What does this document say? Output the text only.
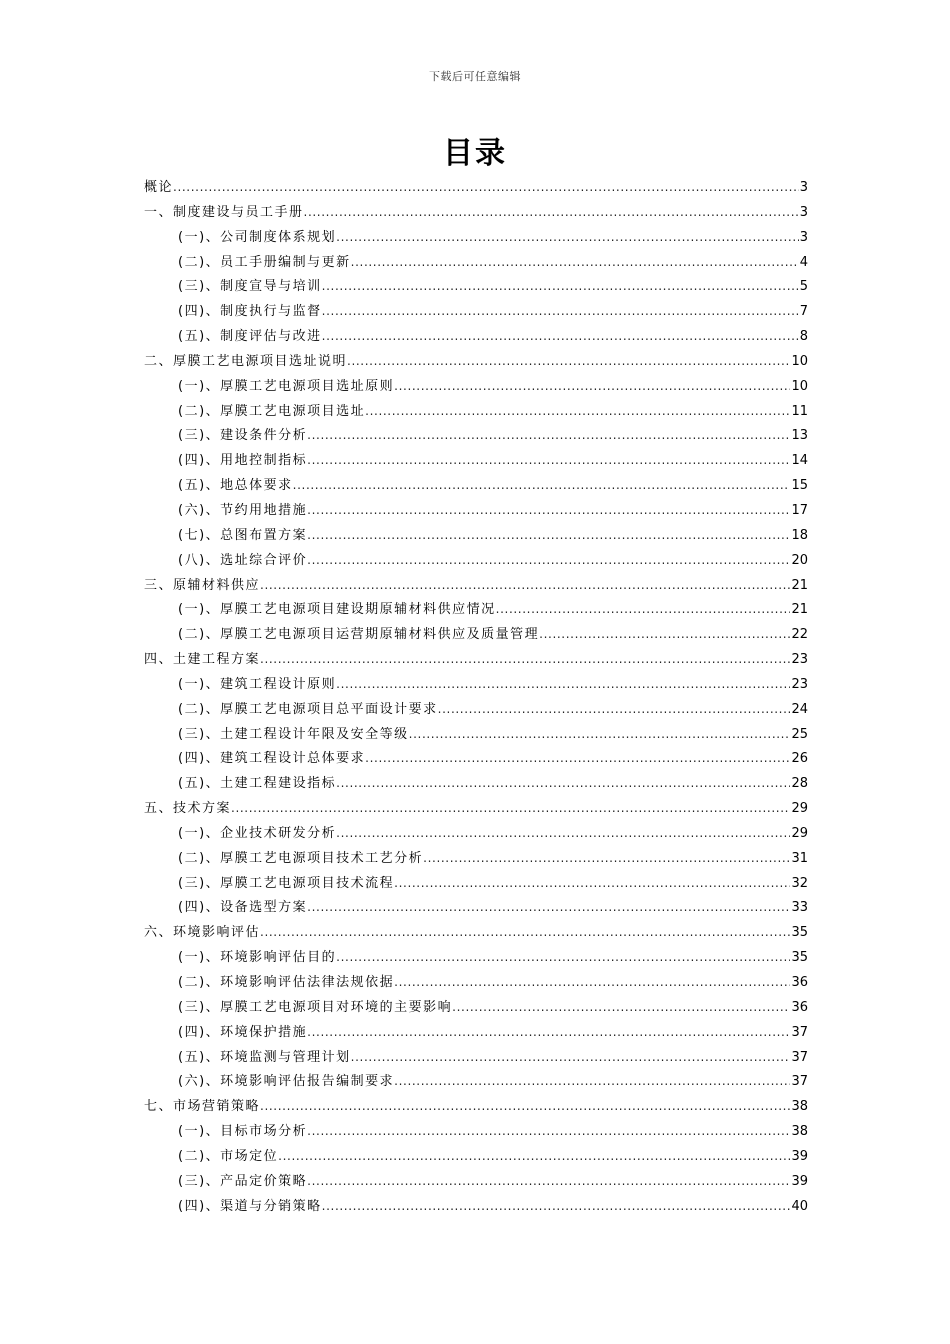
下载后可任意编辑
目录
概论 . . .	3
一、制度建设与员工手册 . . .	3
(一)、公司制度体系规划 . . .	3
(二)、员工手册编制与更新 . . .	4
(三)、制度宣导与培训 . . .	5
(四)、制度执行与监督 . . .	7
(五)、制度评估与改进 . . .	8
二、厚膜工艺电源项目选址说明 . . .	10
(一)、厚膜工艺电源项目选址原则 . . .	10
(二)、厚膜工艺电源项目选址 . . .	11
(三)、建设条件分析 . . .	13
(四)、用地控制指标 . . .	14
(五)、地总体要求 . . .	15
(六)、节约用地措施 . . .	17
(七)、总图布置方案 . . .	18
(八)、选址综合评价 . . .	20
三、原辅材料供应 . . .	21
(一)、厚膜工艺电源项目建设期原辅材料供应情况 . . .	21
(二)、厚膜工艺电源项目运营期原辅材料供应及质量管理 . . .	22
四、土建工程方案 . . .	23
(一)、建筑工程设计原则 . . .	23
(二)、厚膜工艺电源项目总平面设计要求 . . .	24
(三)、土建工程设计年限及安全等级 . . .	25
(四)、建筑工程设计总体要求 . . .	26
(五)、土建工程建设指标 . . .	28
五、技术方案 . . .	29
(一)、企业技术研发分析 . . .	29
(二)、厚膜工艺电源项目技术工艺分析 . . .	31
(三)、厚膜工艺电源项目技术流程 . . .	32
(四)、设备选型方案 . . .	33
六、环境影响评估 . . .	35
(一)、环境影响评估目的 . . .	35
(二)、环境影响评估法律法规依据 . . .	36
(三)、厚膜工艺电源项目对环境的主要影响 . . .	36
(四)、环境保护措施 . . .	37
(五)、环境监测与管理计划 . . .	37
(六)、环境影响评估报告编制要求 . . .	37
七、市场营销策略 . . .	38
(一)、目标市场分析 . . .	38
(二)、市场定位 . . .	39
(三)、产品定价策略 . . .	39
(四)、渠道与分销策略 . . .	40
